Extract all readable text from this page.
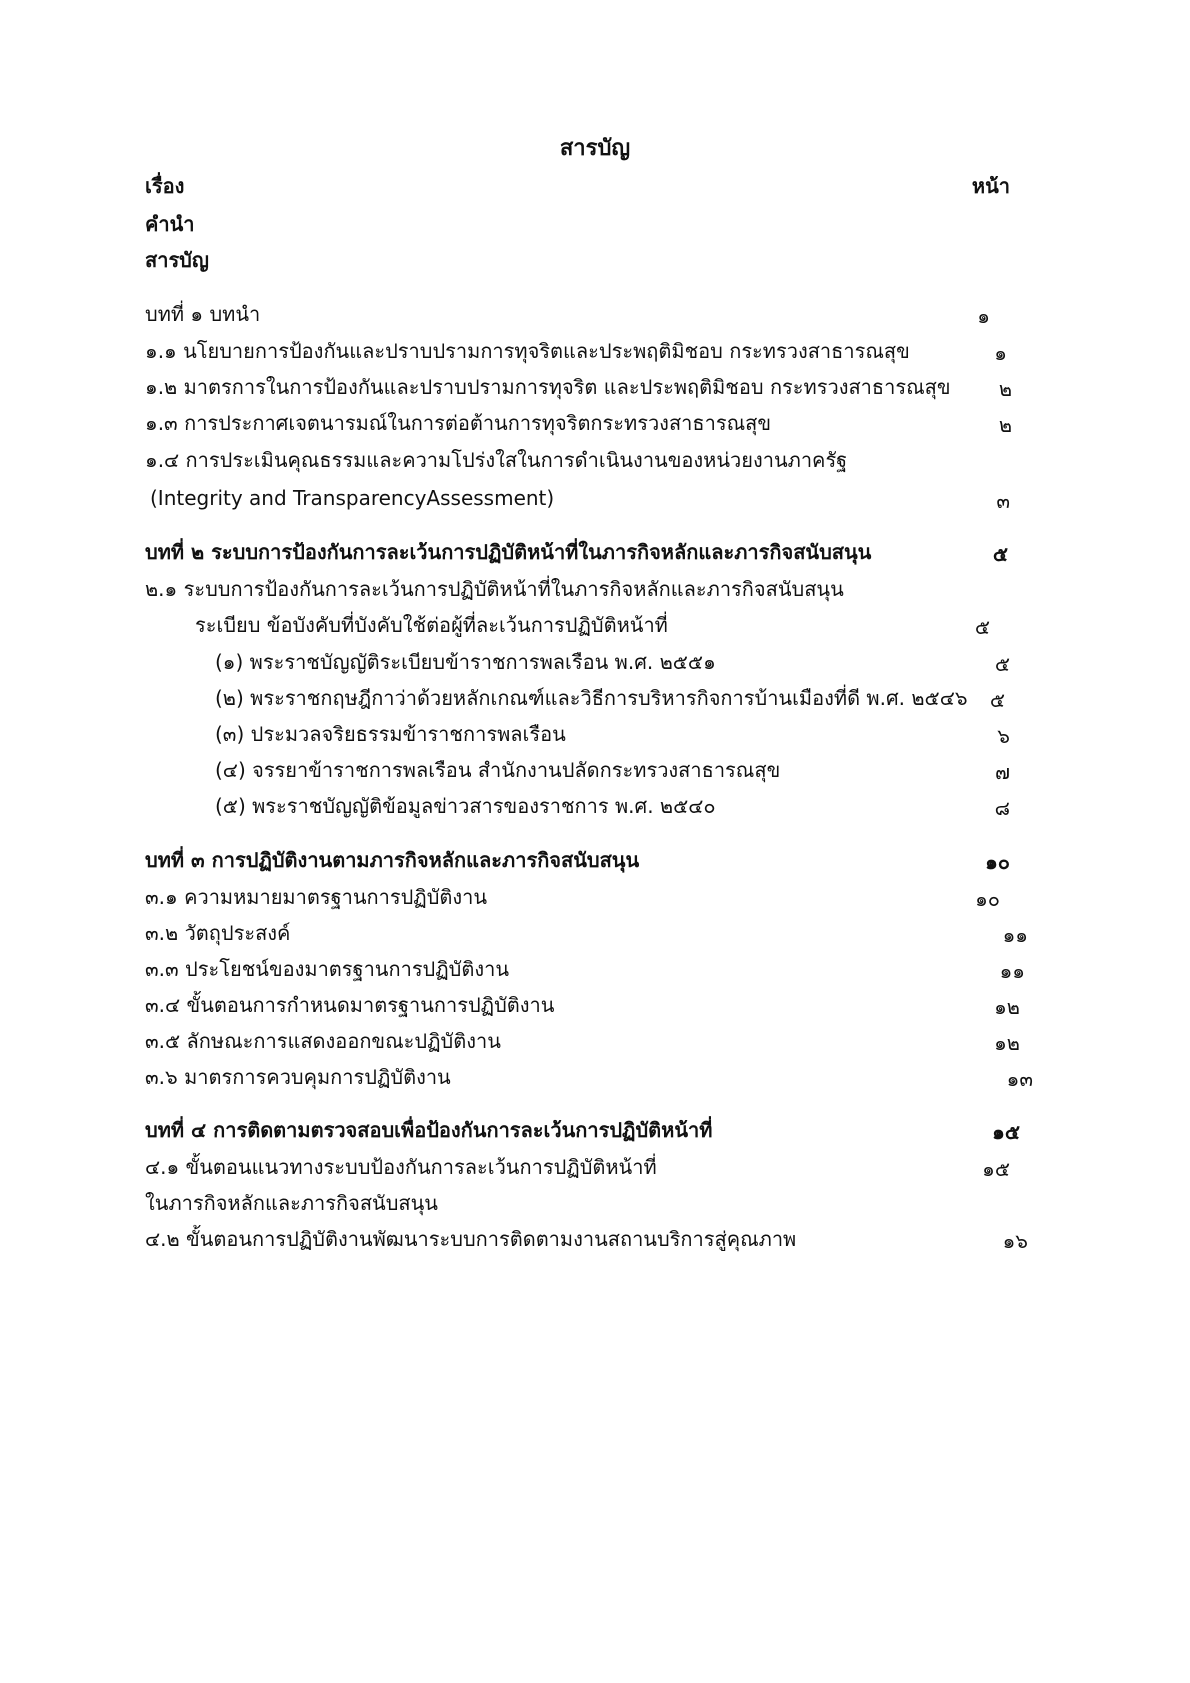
สารบัญ
เรื่อง	หน้า
คำนำ
สารบัญ
บทที่ ๑ บทนำ	๑
๑.๑ นโยบายการป้องกันและปราบปรามการทุจริตและประพฤติมิชอบ กระทรวงสาธารณสุข	๑
๑.๒ มาตรการในการป้องกันและปราบปรามการทุจริต และประพฤติมิชอบ กระทรวงสาธารณสุข ๒
๑.๓ การประกาศเจตนารมณ์ในการต่อต้านการทุจริตกระทรวงสาธารณสุข	๒
๑.๔ การประเมินคุณธรรมและความโปร่งใสในการดำเนินงานของหน่วยงานภาครัฐ
(Integrity and TransparencyAssessment)	๓
บทที่ ๒ ระบบการป้องกันการละเว้นการปฏิบัติหน้าที่ในภารกิจหลักและภารกิจสนับสนุน	๕
๒.๑ ระบบการป้องกันการละเว้นการปฏิบัติหน้าที่ในภารกิจหลักและภารกิจสนับสนุน
ระเบียบ ข้อบังคับที่บังคับใช้ต่อผู้ที่ละเว้นการปฏิบัติหน้าที่	๕
(๑) พระราชบัญญัติระเบียบข้าราชการพลเรือน พ.ศ. ๒๕๕๑	๕
(๒) พระราชกฤษฎีกาว่าด้วยหลักเกณฑ์และวิธีการบริหารกิจการบ้านเมืองที่ดี พ.ศ. ๒๕๔๖ ๕
(๓) ประมวลจริยธรรมข้าราชการพลเรือน	๖
(๔) จรรยาข้าราชการพลเรือน สำนักงานปลัดกระทรวงสาธารณสุข	๗
(๕) พระราชบัญญัติข้อมูลข่าวสารของราชการ พ.ศ. ๒๕๔๐	๘
บทที่ ๓ การปฏิบัติงานตามภารกิจหลักและภารกิจสนับสนุน	๑๐
๓.๑ ความหมายมาตรฐานการปฏิบัติงาน	๑๐
๓.๒ วัตถุประสงค์	๑๑
๓.๓ ประโยชน์ของมาตรฐานการปฏิบัติงาน	๑๑
๓.๔ ขั้นตอนการกำหนดมาตรฐานการปฏิบัติงาน	๑๒
๓.๕ ลักษณะการแสดงออกขณะปฏิบัติงาน	๑๒
๓.๖ มาตรการควบคุมการปฏิบัติงาน	๑๓
บทที่ ๔ การติดตามตรวจสอบเพื่อป้องกันการละเว้นการปฏิบัติหน้าที่	๑๕
๔.๑ ขั้นตอนแนวทางระบบป้องกันการละเว้นการปฏิบัติหน้าที่	๑๕
ในภารกิจหลักและภารกิจสนับสนุน
๔.๒ ขั้นตอนการปฏิบัติงานพัฒนาระบบการติดตามงานสถานบริการสู่คุณภาพ	๑๖
